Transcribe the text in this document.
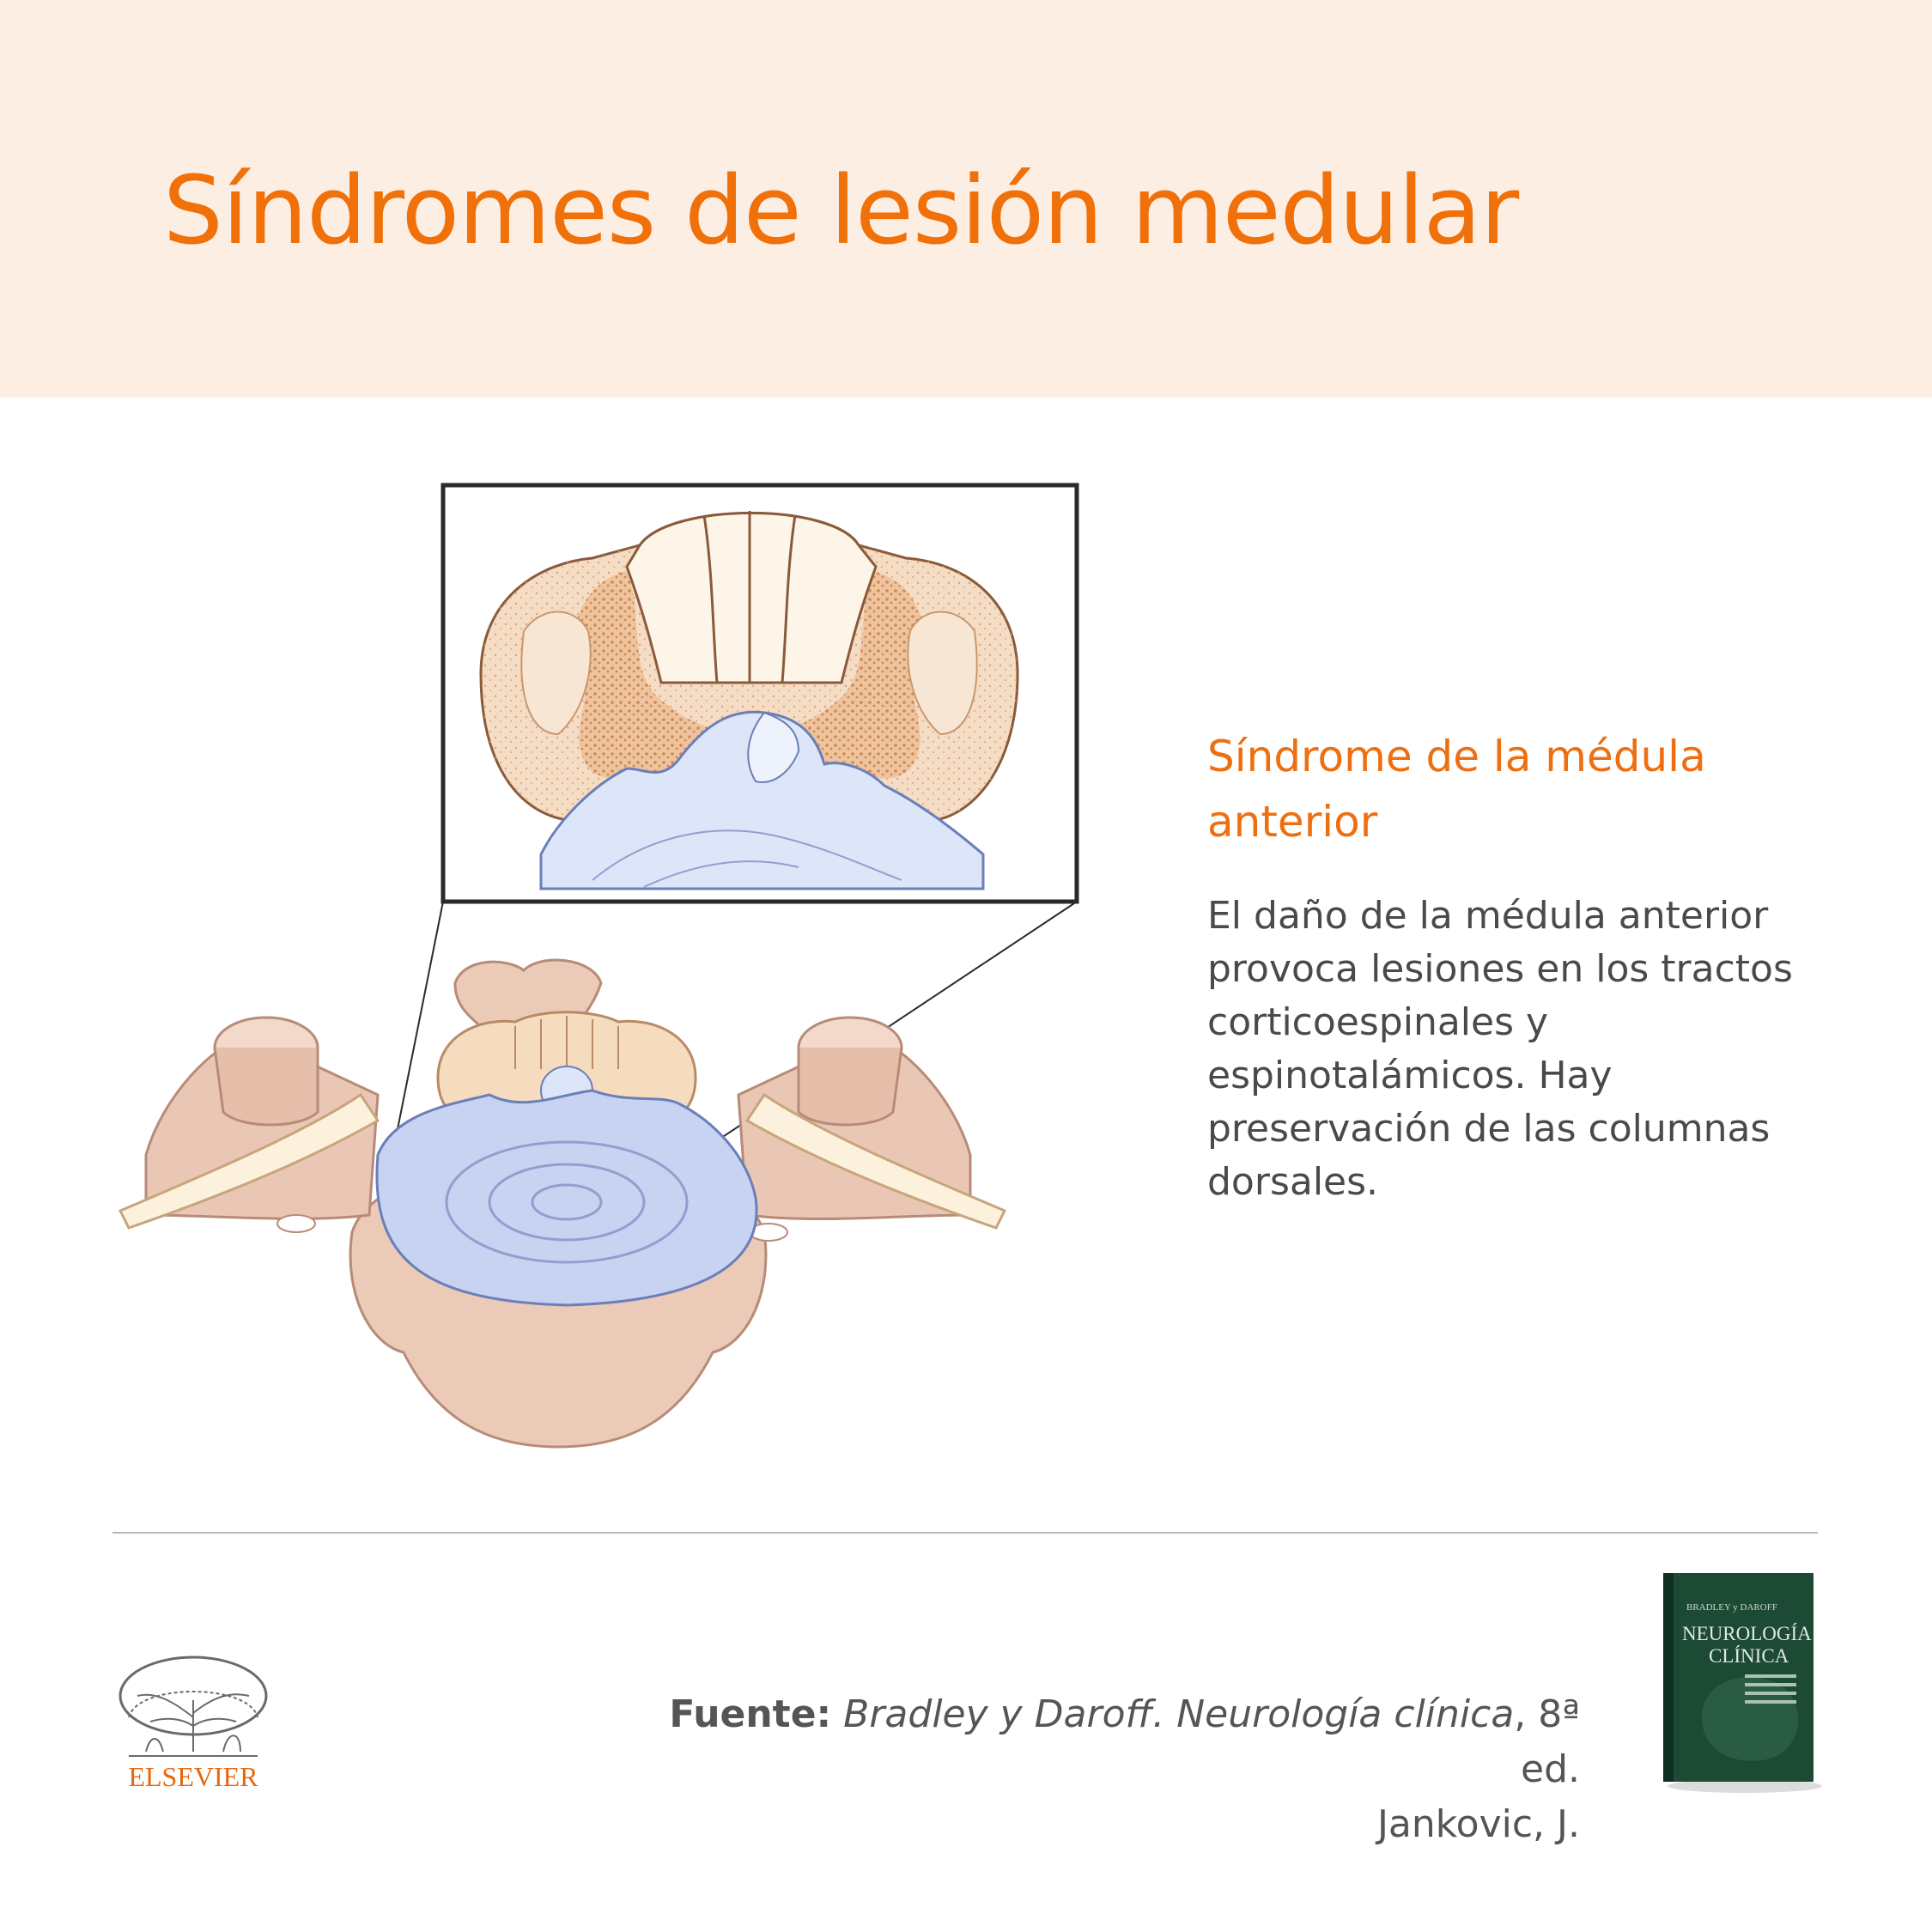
Síndromes de lesión medular
Síndrome de la médula anterior

El daño de la médula anterior provoca lesiones en los tractos corticoespinales y espinotalámicos. Hay preservación de las columnas dorsales.

ELSEVIER
Fuente: Bradley y Daroff. Neurología clínica, 8ª ed.
Jankovic, J.
BRADLEY y DAROFF
NEUROLOGÍA
CLÍNICA
